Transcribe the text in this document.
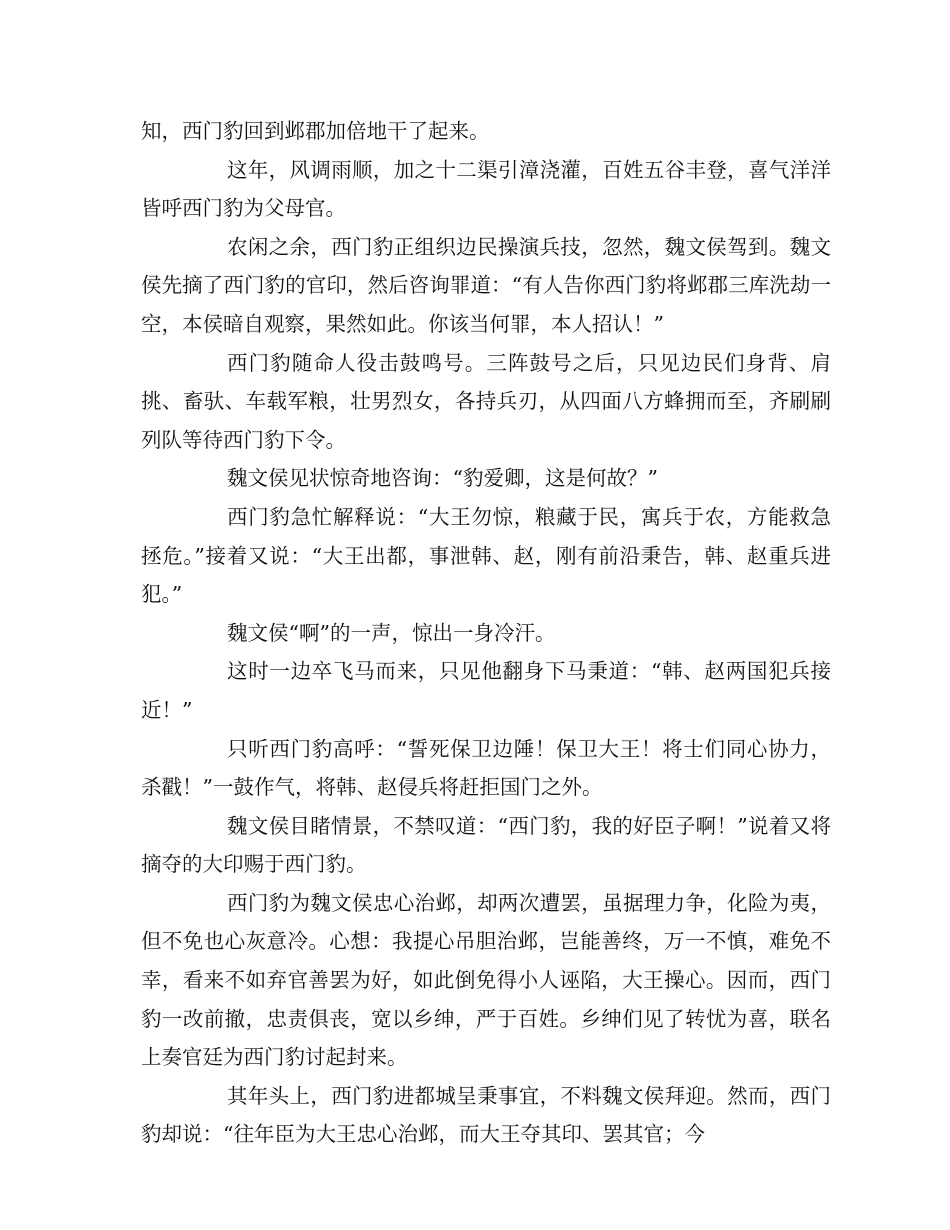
知，西门豹回到邺郡加倍地干了起来。

这年，风调雨顺，加之十二渠引漳浇灌，百姓五谷丰登，喜气洋洋皆呼西门豹为父母官。

农闲之余，西门豹正组织边民操演兵技，忽然，魏文侯驾到。魏文侯先摘了西门豹的官印，然后咨询罪道：“有人告你西门豹将邺郡三库洗劫一空，本侯暗自观察，果然如此。你该当何罪，本人招认！”

西门豹随命人役击鼓鸣号。三阵鼓号之后，只见边民们身背、肩挑、畜驮、车载军粮，壮男烈女，各持兵刃，从四面八方蜂拥而至，齐刷刷列队等待西门豹下令。

魏文侯见状惊奇地咨询：“豹爱卿，这是何故？”

西门豹急忙解释说：“大王勿惊，粮藏于民，寓兵于农，方能救急拯危。”接着又说：“大王出都，事泄韩、赵，刚有前沿秉告，韩、赵重兵进犯。”

魏文侯“啊”的一声，惊出一身冷汗。

这时一边卒飞马而来，只见他翻身下马秉道：“韩、赵两国犯兵接近！”

只听西门豹高呼：“誓死保卫边陲！保卫大王！将士们同心协力，杀戳！”一鼓作气，将韩、赵侵兵将赶拒国门之外。

魏文侯目睹情景，不禁叹道：“西门豹，我的好臣子啊！”说着又将摘夺的大印赐于西门豹。

西门豹为魏文侯忠心治邺，却两次遭罢，虽据理力争，化险为夷，但不免也心灰意冷。心想：我提心吊胆治邺，岂能善终，万一不慎，难免不幸，看来不如弃官善罢为好，如此倒免得小人诬陷，大王操心。因而，西门豹一改前撤，忠责俱丧，宽以乡绅，严于百姓。乡绅们见了转忧为喜，联名上奏官廷为西门豹讨起封来。

其年头上，西门豹进都城呈秉事宜，不料魏文侯拜迎。然而，西门豹却说：“往年臣为大王忠心治邺，而大王夺其印、罢其官；今
